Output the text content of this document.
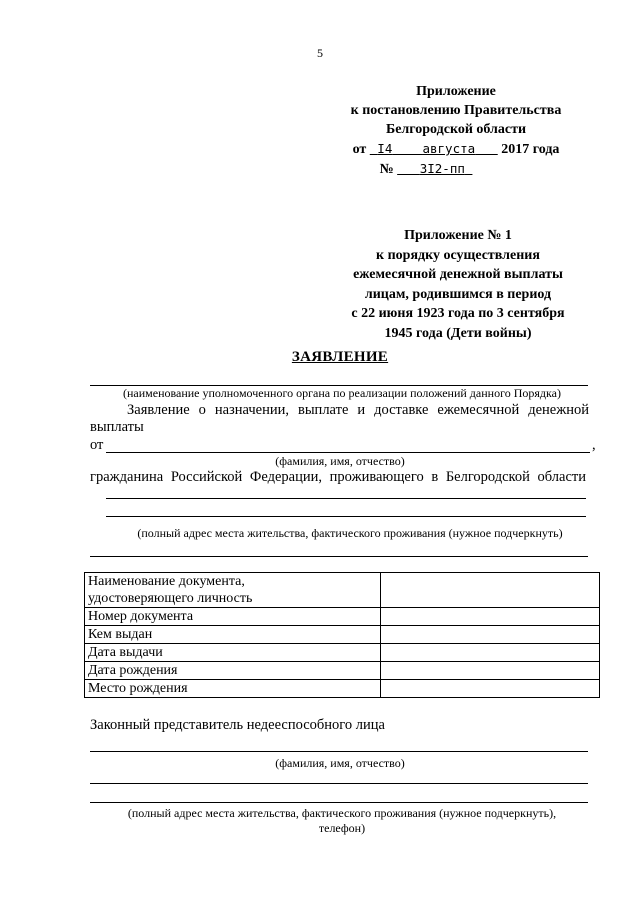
5
Приложение
к постановлению Правительства
Белгородской области
от I4 августа 2017 года
№ 3I2-пп
Приложение № 1
к порядку осуществления
ежемесячной денежной выплаты
лицам, родившимся в период
с 22 июня 1923 года по 3 сентября
1945 года (Дети войны)
ЗАЯВЛЕНИЕ
(наименование уполномоченного органа по реализации положений данного Порядка)
Заявление о назначении, выплате и доставке ежемесячной денежной
выплаты
от	,
(фамилия, имя, отчество)
гражданина Российской Федерации, проживающего в Белгородской области
(полный адрес места жительства, фактического проживания (нужное подчеркнуть)
Наименование документа,
удостоверяющего личность	
Номер документа	
Кем выдан	
Дата выдачи	
Дата рождения	
Место рождения	
Законный представитель недееспособного лица
(фамилия, имя, отчество)
(полный адрес места жительства, фактического проживания (нужное подчеркнуть),
телефон)
